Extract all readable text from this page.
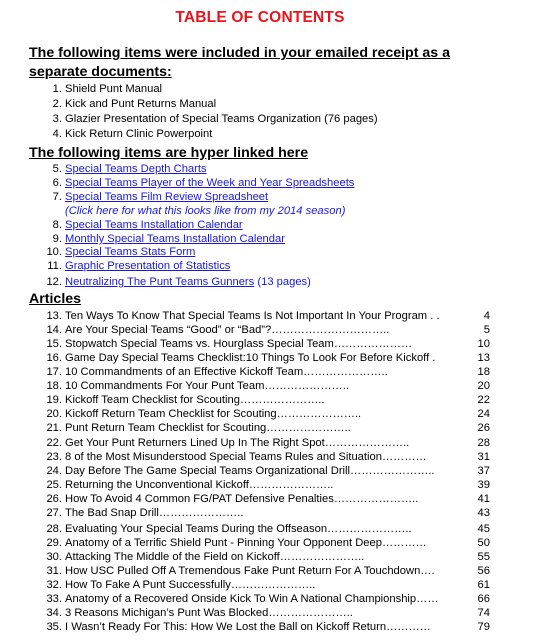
TABLE OF CONTENTS
The following items were included in your emailed receipt as a
separate documents:
1. Shield Punt Manual
2. Kick and Punt Returns Manual
3. Glazier Presentation of Special Teams Organization (76 pages)
4. Kick Return Clinic Powerpoint
The following items are hyper linked here
5. Special Teams Depth Charts
6. Special Teams Player of the Week and Year Spreadsheets
7. Special Teams Film Review Spreadsheet
8. Special Teams Installation Calendar
9. Monthly Special Teams Installation Calendar
10. Special Teams Stats Form
11. Graphic Presentation of Statistics
12. Neutralizing The Punt Teams Gunners (13 pages)
(Click here for what this looks like from my 2014 season)
Articles
13. Ten Ways To Know That Special Teams Is Not Important In Your Program . .	4
14. Are Your Special Teams “Good” or “Bad”?…………………………..	5
15. Stopwatch Special Teams vs. Hourglass Special Team…………………	10
16. Game Day Special Teams Checklist:10 Things To Look For Before Kickoff .	13
17. 10 Commandments of an Effective Kickoff Team…………………..	18
18. 10 Commandments For Your Punt Team…………………..	20
19. Kickoff Team Checklist for Scouting…………………..	22
20. Kickoff Return Team Checklist for Scouting…………………..	24
21. Punt Return Team Checklist for Scouting…………………..	26
22. Get Your Punt Returners Lined Up In The Right Spot…………………..	28
23. 8 of the Most Misunderstood Special Teams Rules and Situation…………	31
24. Day Before The Game Special Teams Organizational Drill…………………..	37
25. Returning the Unconventional Kickoff…………………..	39
26. How To Avoid 4 Common FG/PAT Defensive Penalties…………………..	41
27. The Bad Snap Drill…………………..	43
28. Evaluating Your Special Teams During the Offseason…………………..	45
29. Anatomy of a Terrific Shield Punt - Pinning Your Opponent Deep…………	50
30. Attacking The Middle of the Field on Kickoff…………………..	55
31. How USC Pulled Off A Tremendous Fake Punt Return For A Touchdown….	56
32. How To Fake A Punt Successfully…………………..	61
33. Anatomy of a Recovered Onside Kick To Win A National Championship……	66
34. 3 Reasons Michigan’s Punt Was Blocked…………………..	74
35. I Wasn’t Ready For This: How We Lost the Ball on Kickoff Return…………	79
